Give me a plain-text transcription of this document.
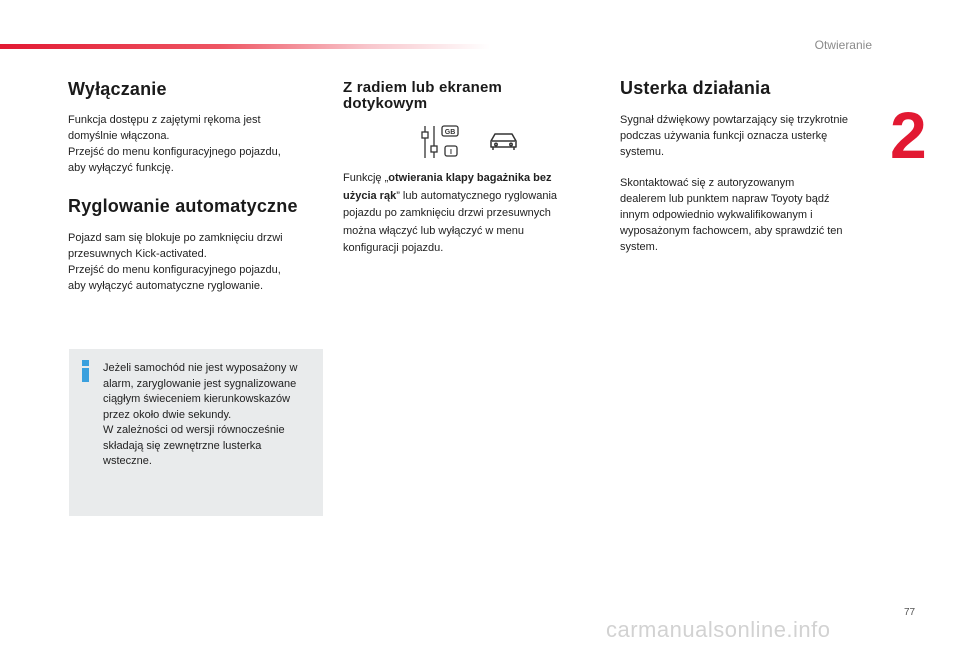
Otwieranie
2
Wyłączanie

Funkcja dostępu z zajętymi rękoma jest
domyślnie włączona.
Przejść do menu konfiguracyjnego pojazdu,
aby wyłączyć funkcję.

Ryglowanie automatyczne

Pojazd sam się blokuje po zamknięciu drzwi
przesuwnych Kick-activated.
Przejść do menu konfiguracyjnego pojazdu,
aby wyłączyć automatyczne ryglowanie.

Jeżeli samochód nie jest wyposażony w
alarm, zaryglowanie jest sygnalizowane
ciągłym świeceniem kierunkowskazów
przez około dwie sekundy.
W zależności od wersji równocześnie
składają się zewnętrzne lusterka
wsteczne.

Z radiem lub ekranem
dotykowym
GB
I

Funkcję „otwierania klapy bagażnika bez
użycia rąk” lub automatycznego ryglowania
pojazdu po zamknięciu drzwi przesuwnych
można włączyć lub wyłączyć w menu
konfiguracji pojazdu.

Usterka działania

Sygnał dźwiękowy powtarzający się trzykrotnie
podczas używania funkcji oznacza usterkę
systemu.

Skontaktować się z autoryzowanym
dealerem lub punktem napraw Toyoty bądź
innym odpowiednio wykwalifikowanym i
wyposażonym fachowcem, aby sprawdzić ten
system.

77
carmanualsonline.info
